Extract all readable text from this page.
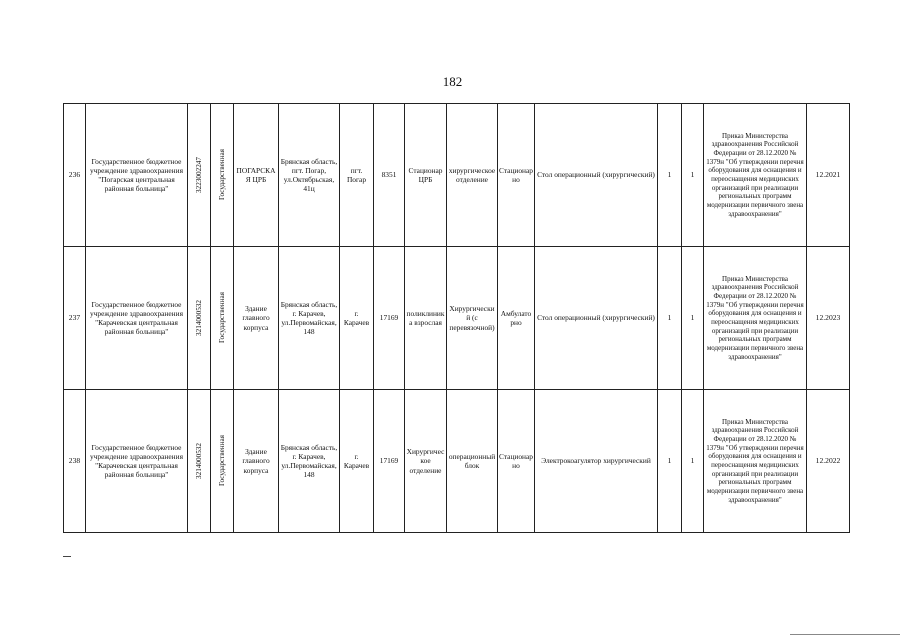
182
236	Государственное бюджетное учреждение здравоохранения "Погарская центральная районная больница"	3223002247	Государственная	ПОГАРСКАЯ ЦРБ	Брянская область, пгт. Погар, ул.Октябрьская, 41ц	пгт. Погар	8351	Стационар ЦРБ	хирургическое отделение	Стационарно	Стол операционный (хирургический)	1	1	Приказ Министерства здравоохранения Российской Федерации от 28.12.2020 № 1379н "Об утверждении перечня оборудования для оснащения и переоснащения медицинских организаций при реализации региональных программ модернизации первичного звена здравоохранения"	12.2021
237	Государственное бюджетное учреждение здравоохранения "Карачевская центральная районная больница"	3214000532	Государственная	Здание главного корпуса	Брянская область, г. Карачев, ул.Первомайская, 148	г. Карачев	17169	поликлиника взрослая	Хирургический (с перевязочной)	Амбулаторно	Стол операционный (хирургический)	1	1	Приказ Министерства здравоохранения Российской Федерации от 28.12.2020 № 1379н "Об утверждении перечня оборудования для оснащения и переоснащения медицинских организаций при реализации региональных программ модернизации первичного звена здравоохранения"	12.2023
238	Государственное бюджетное учреждение здравоохранения "Карачевская центральная районная больница"	3214000532	Государственная	Здание главного корпуса	Брянская область, г. Карачев, ул.Первомайская, 148	г. Карачев	17169	Хирургическое отделение	операционный блок	Стационарно	Электрокоагулятор хирургический	1	1	Приказ Министерства здравоохранения Российской Федерации от 28.12.2020 № 1379н "Об утверждении перечня оборудования для оснащения и переоснащения медицинских организаций при реализации региональных программ модернизации первичного звена здравоохранения"	12.2022
